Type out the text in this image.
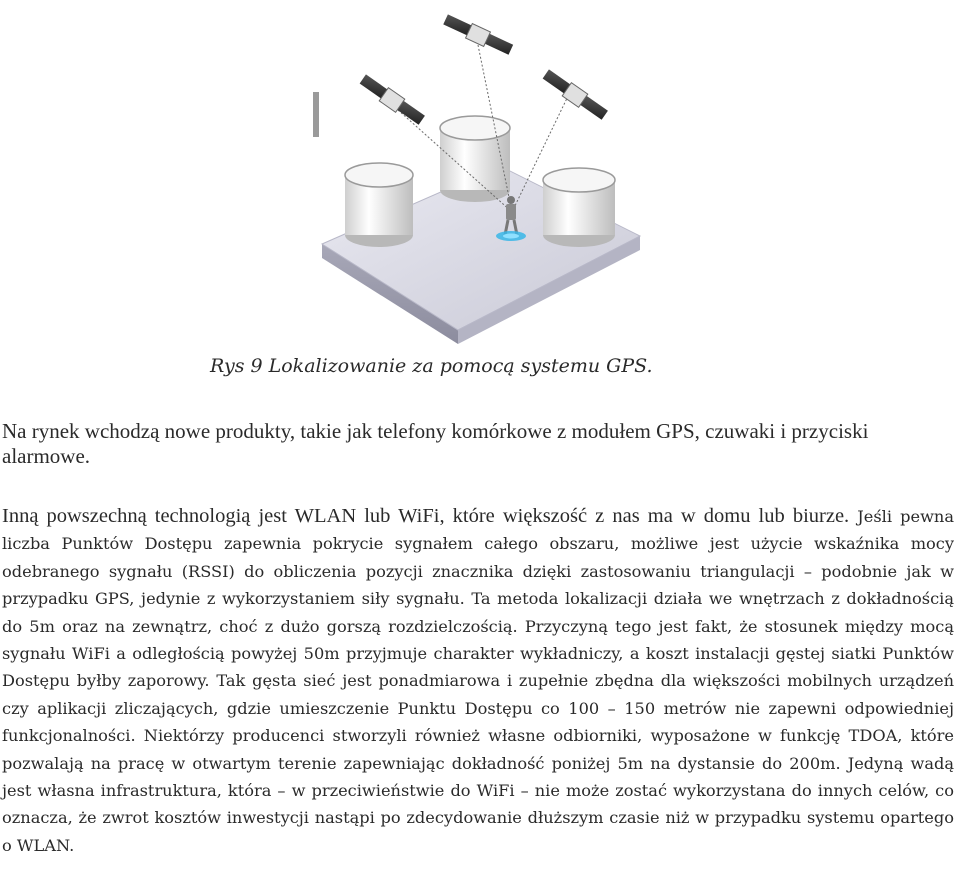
Rys 9 Lokalizowanie za pomocą systemu GPS.

Na rynek wchodzą nowe produkty, takie jak telefony komórkowe z modułem GPS, czuwaki i przyciski alarmowe.

Inną powszechną technologią jest WLAN lub WiFi, które większość z nas ma w domu lub biurze. Jeśli pewna liczba Punktów Dostępu zapewnia pokrycie sygnałem całego obszaru, możliwe jest użycie wskaźnika mocy odebranego sygnału (RSSI) do obliczenia pozycji znacznika dzięki zastosowaniu triangulacji – podobnie jak w przypadku GPS, jedynie z wykorzystaniem siły sygnału. Ta metoda lokalizacji działa we wnętrzach z dokładnością do 5m oraz na zewnątrz, choć z dużo gorszą rozdzielczością. Przyczyną tego jest fakt, że stosunek między mocą sygnału WiFi a odległością powyżej 50m przyjmuje charakter wykładniczy, a koszt instalacji gęstej siatki Punktów Dostępu byłby zaporowy. Tak gęsta sieć jest ponadmiarowa i zupełnie zbędna dla większości mobilnych urządzeń czy aplikacji zliczających, gdzie umieszczenie Punktu Dostępu co 100 – 150 metrów nie zapewni odpowiedniej funkcjonalności. Niektórzy producenci stworzyli również własne odbiorniki, wyposażone w funkcję TDOA, które pozwalają na pracę w otwartym terenie zapewniając dokładność poniżej 5m na dystansie do 200m. Jedyną wadą jest własna infrastruktura, która – w przeciwieństwie do WiFi – nie może zostać wykorzystana do innych celów, co oznacza, że zwrot kosztów inwestycji nastąpi po zdecydowanie dłuższym czasie niż w przypadku systemu opartego o WLAN.
